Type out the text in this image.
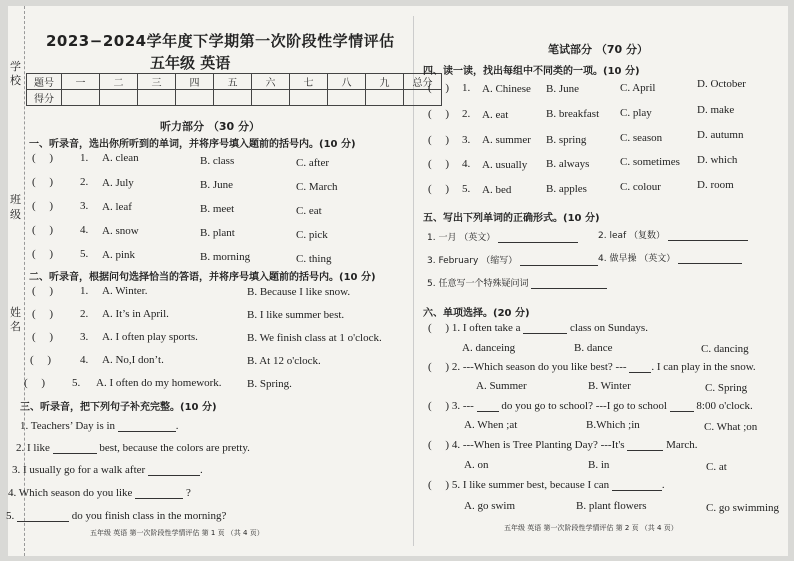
学
校
班
级
姓
名
2023−2024学年度下学期第一次阶段性学情评估
五年级 英语
题号	一	二	三	四	五	六	七	八	九	总分
得分										
听力部分 （30 分）
一、听录音，选出你所听到的单词，并将序号填入题前的括号内。(10 分)
(     ) 1. A. clean	B. class	C. after
(     ) 2. A. July	B. June	C. March
(     ) 3. A. leaf	B. meet	C. eat
(     ) 4. A. snow	B. plant	C. pick
(     ) 5. A. pink	B. morning	C. thing
二、听录音，根据问句选择恰当的答语，并将序号填入题前的括号内。(10 分)
(     ) 1. A. Winter.	B. Because I like snow.
(     ) 2. A. It’s in April.	B. I like summer best.
(     ) 3. A. I often play sports.	B. We finish class at 1 o'clock.
(     )	4. A. No,I don’t.	B. At 12 o'clock.
(     ) 5. A. I often do my homework. B. Spring.
三、听录音，把下列句子补充完整。(10 分)
1. Teachers’ Day is in	.
2. I like	best, because the colors are pretty.
3. I usually go for a walk after	.
4. Which season do you like	?
5.	do you finish class in the morning?
五年级 英语 第一次阶段性学情评估 第 1 页 （共 4 页）
笔试部分 （70 分）
四、读一读，找出每组中不同类的一项。(10 分)
(     ) 1. A. Chinese B. June	C. April	D. October
(     ) 2. A. eat	B. breakfast C. play	D. make
(     ) 3. A. summer B. spring	C. season	D. autumn
(     ) 4. A. usually B. always	C. sometimes D. which
(     ) 5. A. bed	B. apples	C. colour	D. room
五、写出下列单词的正确形式。(10 分)
1. 一月 （英文）	2. leaf （复数）
3. February （缩写）	4. 做早操 （英文）
5. 任意写一个特殊疑问词
六、单项选择。(20 分)
(     ) 1. I often take a	class on Sundays.
A. danceing	B. dance	C. dancing
(     ) 2. ---Which season do you like best? --- . I can play in the snow.
A. Summer	B. Winter	C. Spring
(     ) 3. ---	do you go to school? ---I go to school	8:00 o'clock.
A. When ;at	B.Which ;in	C. What ;on
(     ) 4. ---When is Tree Planting Day? ---It's	March.
A. on	B. in	C. at
(     ) 5. I like summer best, because I can	.
A. go swim	B. plant flowers	C. go swimming
五年级 英语 第一次阶段性学情评估 第 2 页 （共 4 页）
